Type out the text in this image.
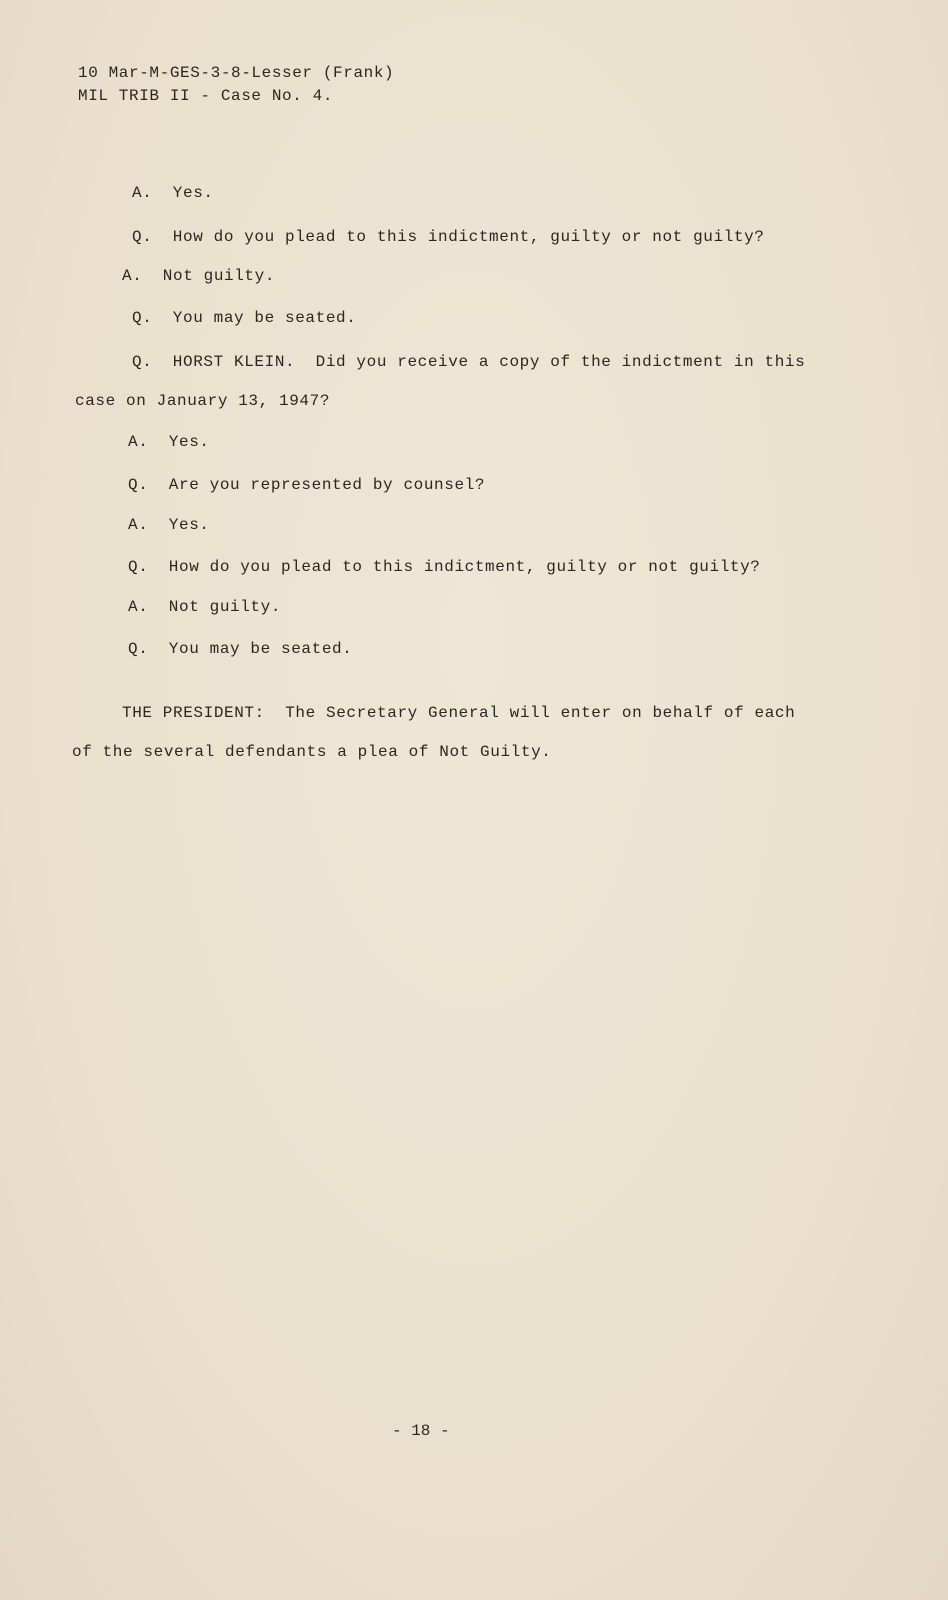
10 Mar-M-GES-3-8-Lesser (Frank)
MIL TRIB II - Case No. 4.
A.  Yes.
Q.  How do you plead to this indictment, guilty or not guilty?
A.  Not guilty.
Q.  You may be seated.
Q.  HORST KLEIN.  Did you receive a copy of the indictment in this
case on January 13, 1947?
A.  Yes.
Q.  Are you represented by counsel?
A.  Yes.
Q.  How do you plead to this indictment, guilty or not guilty?
A.  Not guilty.
Q.  You may be seated.
THE PRESIDENT:  The Secretary General will enter on behalf of each
of the several defendants a plea of Not Guilty.
- 18 -
